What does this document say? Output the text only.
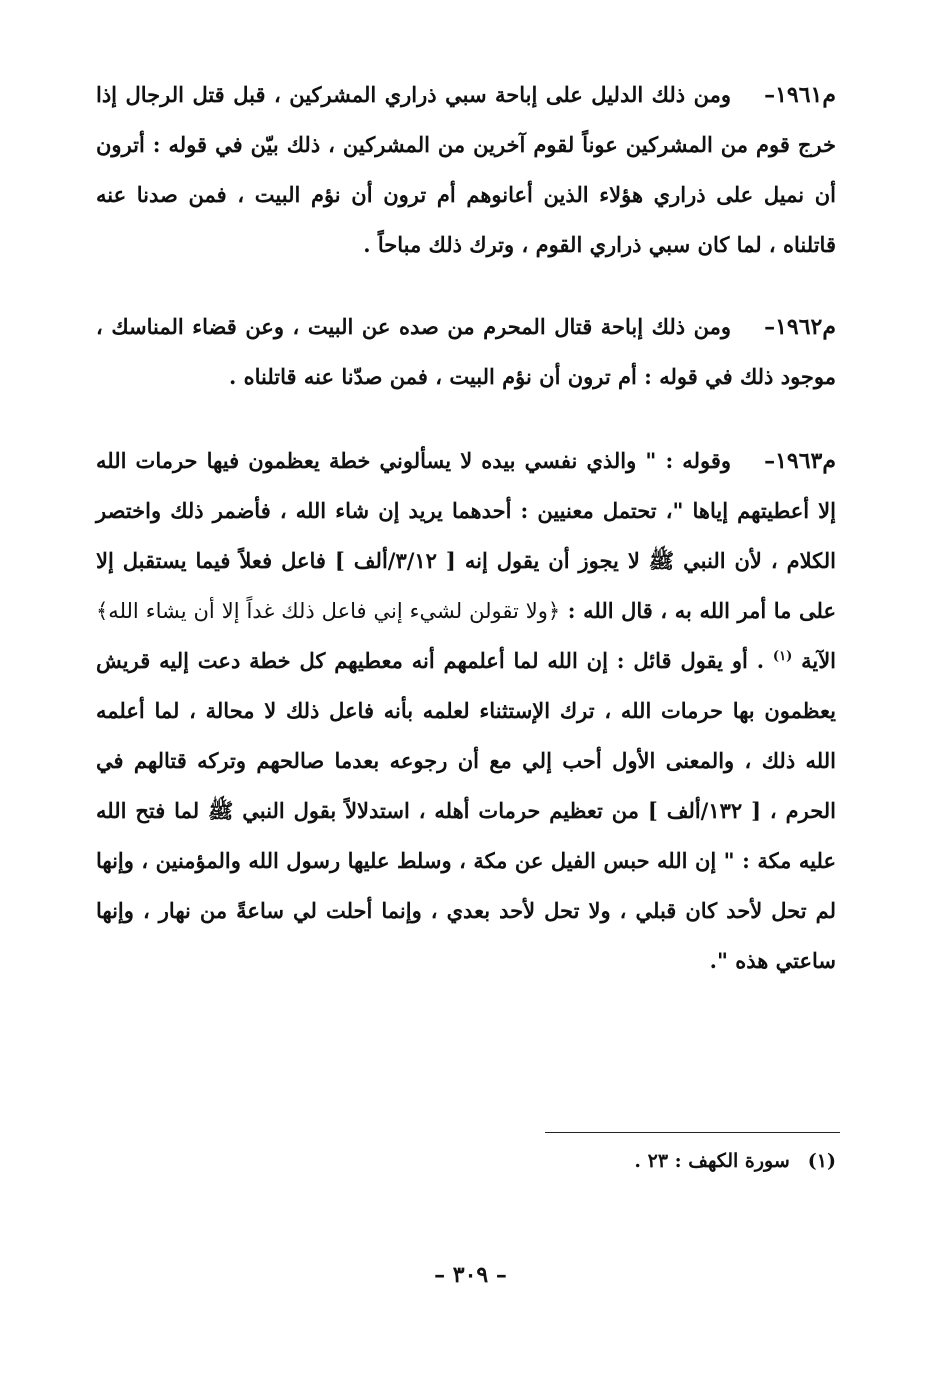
م١٩٦١–

ومن ذلك الدليل على إباحة سبي ذراري المشركين ، قبل قتل الرجال إذا خرج قوم من المشركين عوناً لقوم آخرين من المشركين ، ذلك بيّن في قوله : أترون أن نميل على ذراري هؤلاء الذين أعانوهم أم ترون أن نؤم البيت ، فمن صدنا عنه قاتلناه ، لما كان سبي ذراري القوم ، وترك ذلك مباحاً .

م١٩٦٢–

ومن ذلك إباحة قتال المحرم من صده عن البيت ، وعن قضاء المناسك ، موجود ذلك في قوله : أم ترون أن نؤم البيت ، فمن صدّنا عنه قاتلناه .

م١٩٦٣–

وقوله : " والذي نفسي بيده لا يسألوني خطة يعظمون فيها حرمات الله إلا أعطيتهم إياها "، تحتمل معنيين : أحدهما يريد إن شاء الله ، فأضمر ذلك واختصر الكلام ، لأن النبي ﷺ لا يجوز أن يقول إنه [ ٣/١٢/ألف ] فاعل فعلاً فيما يستقبل إلا على ما أمر الله به ، قال الله : ﴿ولا تقولن لشيء إني فاعل ذلك غداً إلا أن يشاء الله﴾ الآية $^{(١)}$ . أو يقول قائل : إن الله لما أعلمهم أنه معطيهم كل خطة دعت إليه قريش يعظمون بها حرمات الله ، ترك الإستثناء لعلمه بأنه فاعل ذلك لا محالة ، لما أعلمه الله ذلك ، والمعنى الأول أحب إلي مع أن رجوعه بعدما صالحهم وتركه قتالهم في الحرم ، [ ١٣٢/ألف ] من تعظيم حرمات أهله ، استدلالاً بقول النبي ﷺ لما فتح الله عليه مكة : " إن الله حبس الفيل عن مكة ، وسلط عليها رسول الله والمؤمنين ، وإنها لم تحل لأحد كان قبلي ، ولا تحل لأحد بعدي ، وإنما أحلت لي ساعةً من نهار ، وإنها ساعتي هذه ".

(١)سورة الكهف : ٢٣ .
– ٣٠٩ –
